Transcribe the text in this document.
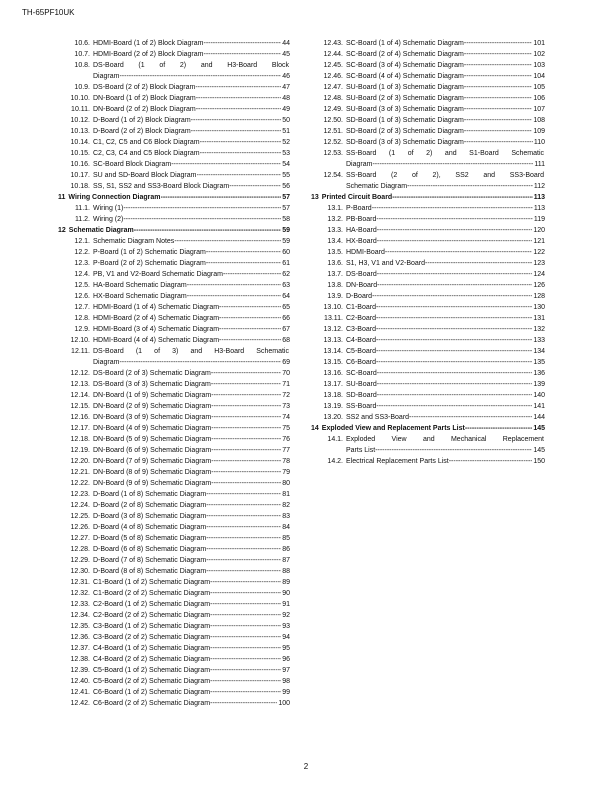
TH-65PF10UK
10.6. HDMI-Board (1 of 2) Block Diagram -----	44
10.7. HDMI-Board (2 of 2) Block Diagram -----	45
10.8. DS-Board (1 of 2) and H3-Board Block
Diagram -----	46
10.9. DS-Board (2 of 2) Block Diagram -----	47
10.10. DN-Board (1 of 2) Block Diagram -----	48
10.11. DN-Board (2 of 2) Block Diagram -----	49
10.12. D-Board (1 of 2) Block Diagram -----	50
10.13. D-Board (2 of 2) Block Diagram -----	51
10.14. C1, C2, C5 and C6 Block Diagram -----	52
10.15. C2, C3, C4 and C5 Block Diagram -----	53
10.16. SC-Board Block Diagram -----	54
10.17. SU and SD-Board Block Diagram -----	55
10.18. SS, S1, SS2 and SS3-Board Block Diagram -----	56
11 Wiring Connection Diagram -----	57
11.1. Wiring (1) -----	57
11.2. Wiring (2) -----	58
12 Schematic Diagram -----	59
12.1. Schematic Diagram Notes -----	59
12.2. P-Board (1 of 2) Schematic Diagram -----	60
12.3. P-Board (2 of 2) Schematic Diagram -----	61
12.4. PB, V1 and V2-Board Schematic Diagram -----	62
12.5. HA-Board Schematic Diagram -----	63
12.6. HX-Board Schematic Diagram -----	64
12.7. HDMI-Board (1 of 4) Schematic Diagram -----	65
12.8. HDMI-Board (2 of 4) Schematic Diagram -----	66
12.9. HDMI-Board (3 of 4) Schematic Diagram -----	67
12.10. HDMI-Board (4 of 4) Schematic Diagram -----	68
12.11. DS-Board (1 of 3) and H3-Board Schematic
Diagram -----	69
12.12. DS-Board (2 of 3) Schematic Diagram -----	70
12.13. DS-Board (3 of 3) Schematic Diagram -----	71
12.14. DN-Board (1 of 9) Schematic Diagram -----	72
12.15. DN-Board (2 of 9) Schematic Diagram -----	73
12.16. DN-Board (3 of 9) Schematic Diagram -----	74
12.17. DN-Board (4 of 9) Schematic Diagram -----	75
12.18. DN-Board (5 of 9) Schematic Diagram -----	76
12.19. DN-Board (6 of 9) Schematic Diagram -----	77
12.20. DN-Board (7 of 9) Schematic Diagram -----	78
12.21. DN-Board (8 of 9) Schematic Diagram -----	79
12.22. DN-Board (9 of 9) Schematic Diagram -----	80
12.23. D-Board (1 of 8) Schematic Diagram -----	81
12.24. D-Board (2 of 8) Schematic Diagram -----	82
12.25. D-Board (3 of 8) Schematic Diagram -----	83
12.26. D-Board (4 of 8) Schematic Diagram -----	84
12.27. D-Board (5 of 8) Schematic Diagram -----	85
12.28. D-Board (6 of 8) Schematic Diagram -----	86
12.29. D-Board (7 of 8) Schematic Diagram -----	87
12.30. D-Board (8 of 8) Schematic Diagram -----	88
12.31. C1-Board (1 of 2) Schematic Diagram -----	89
12.32. C1-Board (2 of 2) Schematic Diagram -----	90
12.33. C2-Board (1 of 2) Schematic Diagram -----	91
12.34. C2-Board (2 of 2) Schematic Diagram -----	92
12.35. C3-Board (1 of 2) Schematic Diagram -----	93
12.36. C3-Board (2 of 2) Schematic Diagram -----	94
12.37. C4-Board (1 of 2) Schematic Diagram -----	95
12.38. C4-Board (2 of 2) Schematic Diagram -----	96
12.39. C5-Board (1 of 2) Schematic Diagram -----	97
12.40. C5-Board (2 of 2) Schematic Diagram -----	98
12.41. C6-Board (1 of 2) Schematic Diagram -----	99
12.42. C6-Board (2 of 2) Schematic Diagram -----	100
12.43. SC-Board (1 of 4) Schematic Diagram -----	101
12.44. SC-Board (2 of 4) Schematic Diagram -----	102
12.45. SC-Board (3 of 4) Schematic Diagram -----	103
12.46. SC-Board (4 of 4) Schematic Diagram -----	104
12.47. SU-Board (1 of 3) Schematic Diagram -----	105
12.48. SU-Board (2 of 3) Schematic Diagram -----	106
12.49. SU-Board (3 of 3) Schematic Diagram -----	107
12.50. SD-Board (1 of 3) Schematic Diagram -----	108
12.51. SD-Board (2 of 3) Schematic Diagram -----	109
12.52. SD-Board (3 of 3) Schematic Diagram -----	110
12.53. SS-Board (1 of 2) and S1-Board Schematic
Diagram -----	111
12.54. SS-Board (2 of 2), SS2 and SS3-Board
Schematic Diagram -----	112
13 Printed Circuit Board -----	113
13.1. P-Board -----	113
13.2. PB-Board -----	119
13.3. HA-Board -----	120
13.4. HX-Board -----	121
13.5. HDMI-Board -----	122
13.6. S1, H3, V1 and V2-Board -----	123
13.7. DS-Board -----	124
13.8. DN-Board -----	126
13.9. D-Board -----	128
13.10. C1-Board -----	130
13.11. C2-Board -----	131
13.12. C3-Board -----	132
13.13. C4-Board -----	133
13.14. C5-Board -----	134
13.15. C6-Board -----	135
13.16. SC-Board -----	136
13.17. SU-Board -----	139
13.18. SD-Board -----	140
13.19. SS-Board -----	141
13.20. SS2 and SS3-Board -----	144
14 Exploded View and Replacement Parts List -----	145
14.1. Exploded View and Mechanical Replacement
Parts List -----	145
14.2. Electrical Replacement Parts List -----	150
2
